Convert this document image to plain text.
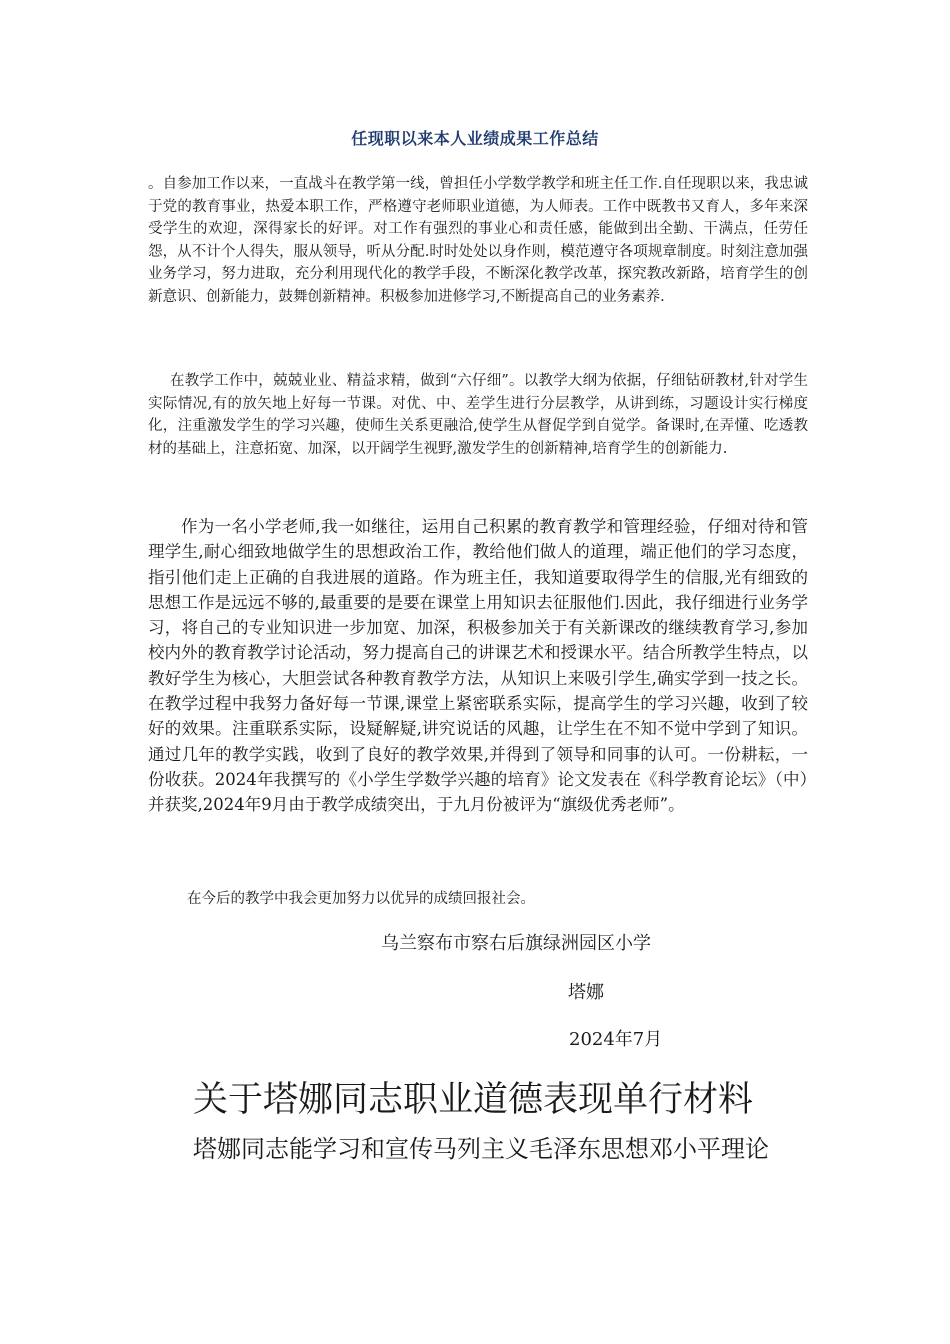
任现职以来本人业绩成果工作总结

。自参加工作以来，一直战斗在教学第一线，曾担任小学数学教学和班主任工作.自任现职以来，我忠诚于党的教育事业，热爱本职工作，严格遵守老师职业道德，为人师表。工作中既教书又育人，多年来深受学生的欢迎，深得家长的好评。对工作有强烈的事业心和责任感，能做到出全勤、干满点，任劳任怨，从不计个人得失，服从领导，听从分配.时时处处以身作则，模范遵守各项规章制度。时刻注意加强业务学习，努力进取，充分利用现代化的教学手段，不断深化教学改革，探究教改新路，培育学生的创新意识、创新能力，鼓舞创新精神。积极参加进修学习,不断提高自己的业务素养.

在教学工作中，兢兢业业、精益求精，做到“六仔细”。以教学大纲为依据，仔细钻研教材,针对学生实际情况,有的放矢地上好每一节课。对优、中、差学生进行分层教学，从讲到练，习题设计实行梯度化，注重激发学生的学习兴趣，使师生关系更融洽,使学生从督促学到自觉学。备课时,在弄懂、吃透教材的基础上，注意拓宽、加深，以开阔学生视野,激发学生的创新精神,培育学生的创新能力.

作为一名小学老师,我一如继往，运用自己积累的教育教学和管理经验，仔细对待和管理学生,耐心细致地做学生的思想政治工作，教给他们做人的道理，端正他们的学习态度，指引他们走上正确的自我进展的道路。作为班主任，我知道要取得学生的信服,光有细致的思想工作是远远不够的,最重要的是要在课堂上用知识去征服他们.因此，我仔细进行业务学习，将自己的专业知识进一步加宽、加深，积极参加关于有关新课改的继续教育学习,参加校内外的教育教学讨论活动，努力提高自己的讲课艺术和授课水平。结合所教学生特点，以教好学生为核心，大胆尝试各种教育教学方法，从知识上来吸引学生,确实学到一技之长。在教学过程中我努力备好每一节课,课堂上紧密联系实际，提高学生的学习兴趣，收到了较好的效果。注重联系实际，设疑解疑,讲究说话的风趣，让学生在不知不觉中学到了知识。通过几年的教学实践，收到了良好的教学效果,并得到了领导和同事的认可。一份耕耘，一份收获。2024年我撰写的《小学生学数学兴趣的培育》论文发表在《科学教育论坛》（中）并获奖,2024年9月由于教学成绩突出，于九月份被评为“旗级优秀老师”。

在今后的教学中我会更加努力以优异的成绩回报社会。

乌兰察布市察右后旗绿洲园区小学
塔娜
2024年7月
关于塔娜同志职业道德表现单行材料
塔娜同志能学习和宣传马列主义毛泽东思想邓小平理论
